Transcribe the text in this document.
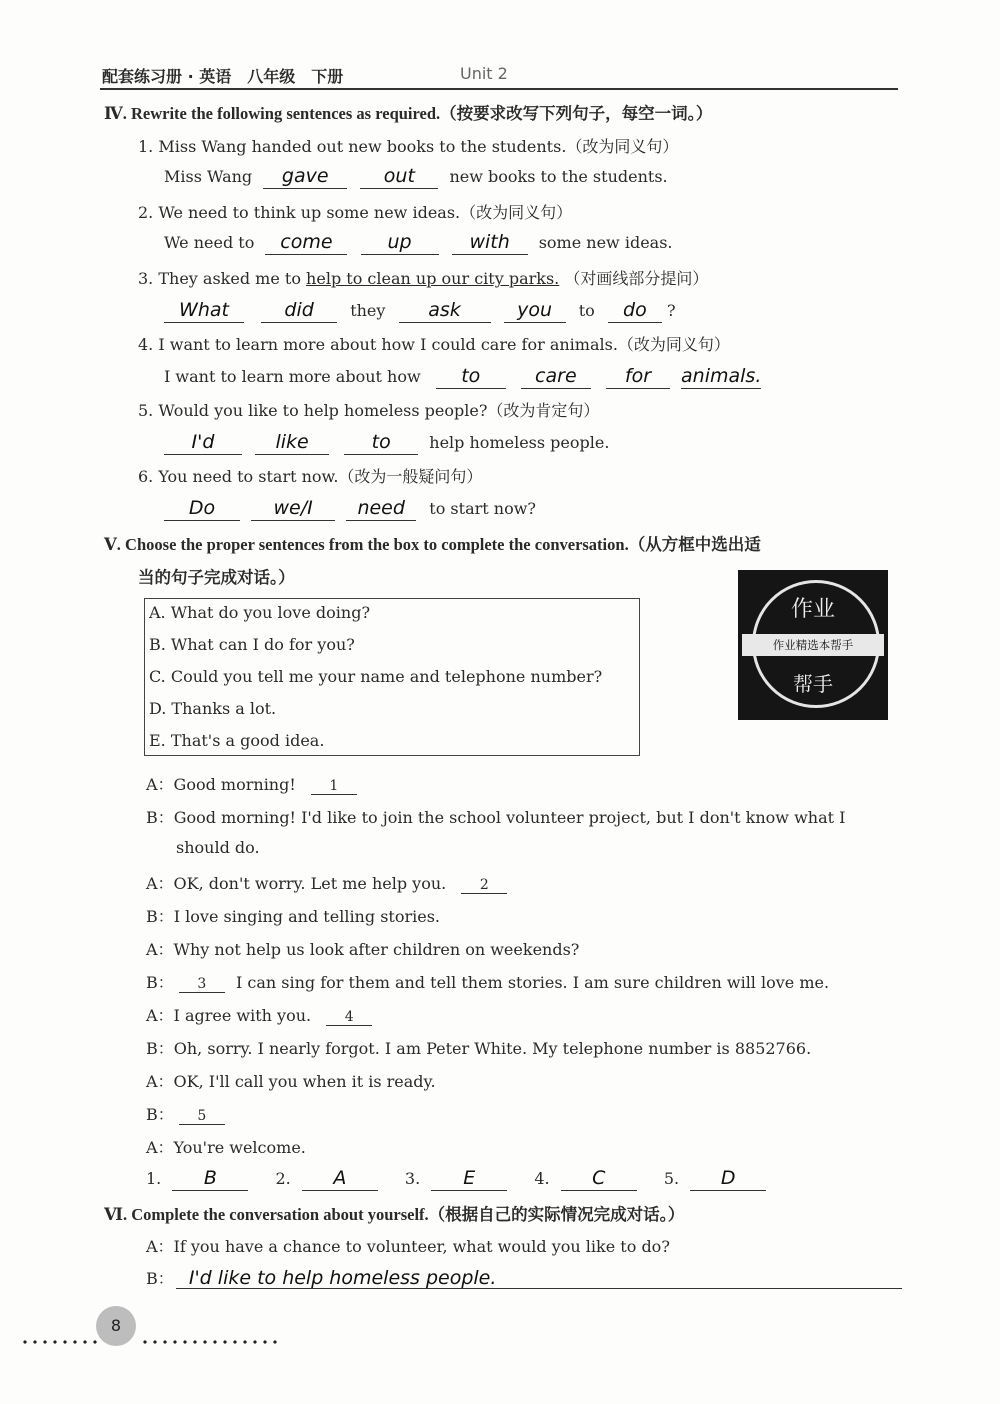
配套练习册 · 英语　八年级　下册	Unit 2
Ⅳ. Rewrite the following sentences as required.（按要求改写下列句子，每空一词。）
1. Miss Wang handed out new books to the students.（改为同义句）
Miss Wang gave	out new books to the students.
2. We need to think up some new ideas.（改为同义句）
We need to come	up	with some new ideas.
3. They asked me to help to clean up our city parks. （对画线部分提问）
What	did they ask	you to do ?
4. I want to learn more about how I could care for animals.（改为同义句）
I want to learn more about how to	care	for animals.
5. Would you like to help homeless people?（改为肯定句）
I'd	like	to help homeless people.
6. You need to start now.（改为一般疑问句）
Do	we/I need to start now?
Ⅴ. Choose the proper sentences from the box to complete the conversation.（从方框中选出适
当的句子完成对话。）
A. What do you love doing?
B. What can I do for you?
C. Could you tell me your name and telephone number?
D. Thanks a lot.
E. That's a good idea.
作业
作业精选本帮手
帮手
A：Good morning! 1
B：Good morning! I'd like to join the school volunteer project, but I don't know what I
should do.
A：OK, don't worry. Let me help you. 2
B：I love singing and telling stories.
A：Why not help us look after children on weekends?
B： 3 I can sing for them and tell them stories. I am sure children will love me.
A：I agree with you. 4
B：Oh, sorry. I nearly forgot. I am Peter White. My telephone number is 8852766.
A：OK, I'll call you when it is ready.
B： 5
A：You're welcome.
1. B	2. A	3. E	4. C	5. D
Ⅵ. Complete the conversation about yourself.（根据自己的实际情况完成对话。）
A：If you have a chance to volunteer, what would you like to do?
B： I'd like to help homeless people.
8
